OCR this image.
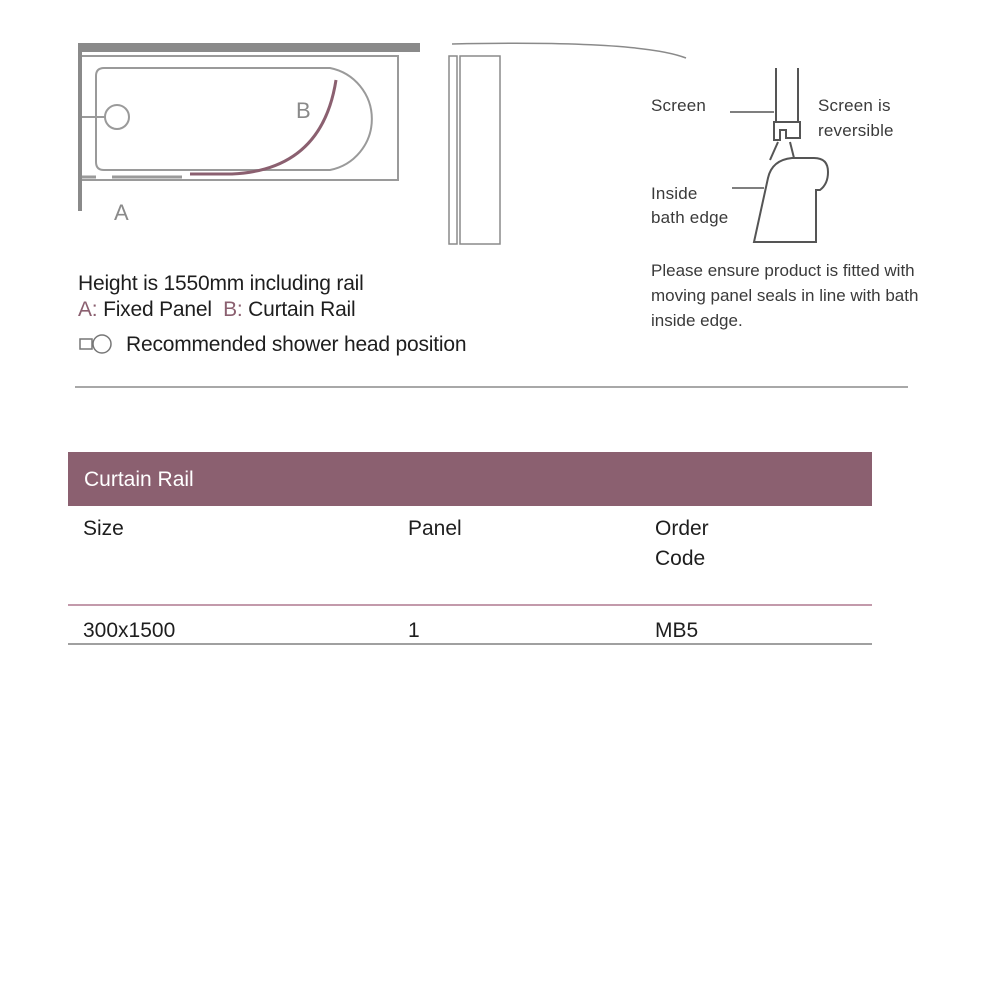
A
B	Screen	Screen is
reversible
Inside
bath edge
Height is 1550mm including rail
A: Fixed Panel B: Curtain Rail
Recommended shower head position
Please ensure product is fitted with moving panel seals in line with bath inside edge.
Curtain Rail
Size	Panel	Order
Code
300x1500	1	MB5
